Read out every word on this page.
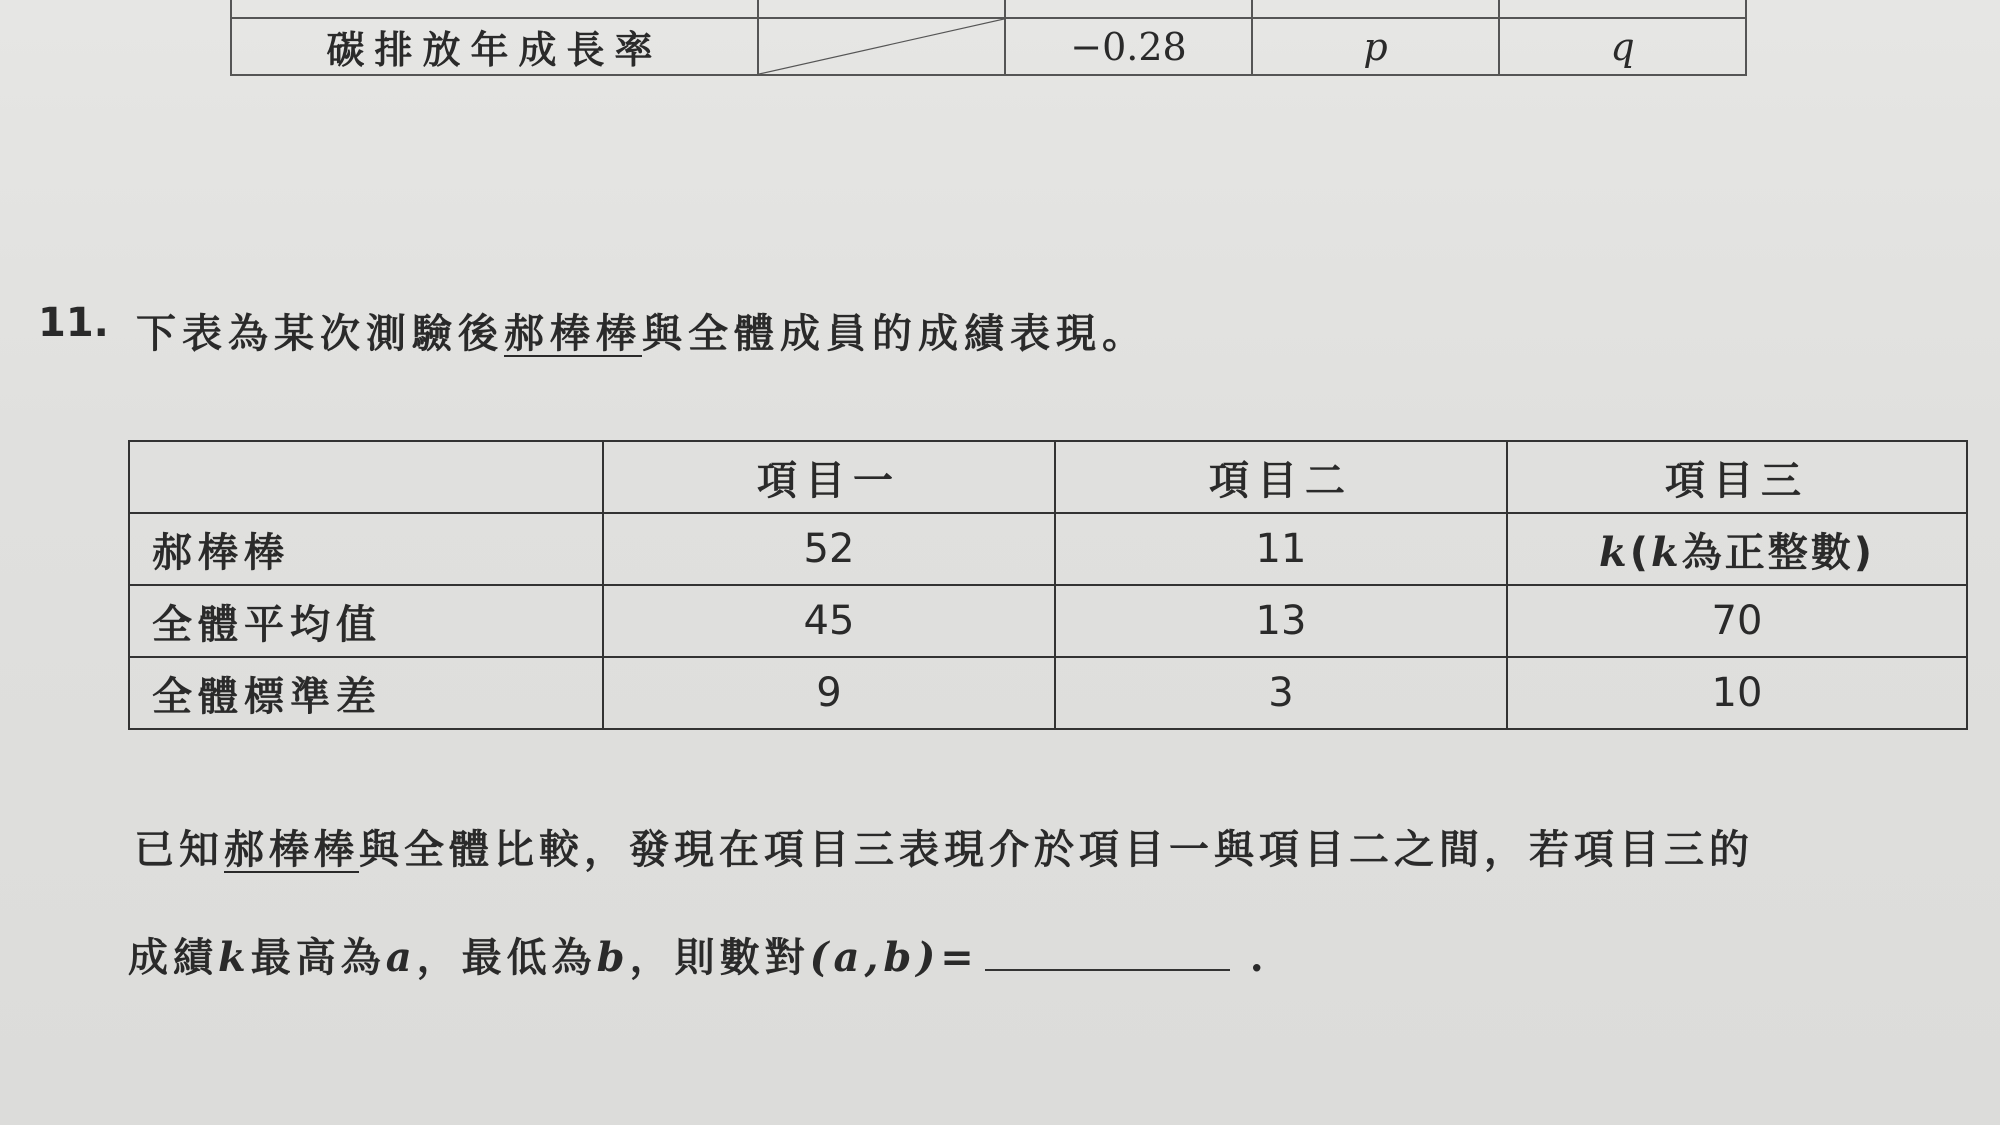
碳排放年成長率		−0.28	p	q
11. 下表為某次測驗後郝棒棒與全體成員的成績表現。
	項目一	項目二	項目三
郝棒棒	52	11	k(k為正整數)
全體平均值	45	13	70
全體標準差	9	3	10
已知郝棒棒與全體比較，發現在項目三表現介於項目一與項目二之間，若項目三的
成績k最高為a，最低為b，則數對(a,b)=	.
